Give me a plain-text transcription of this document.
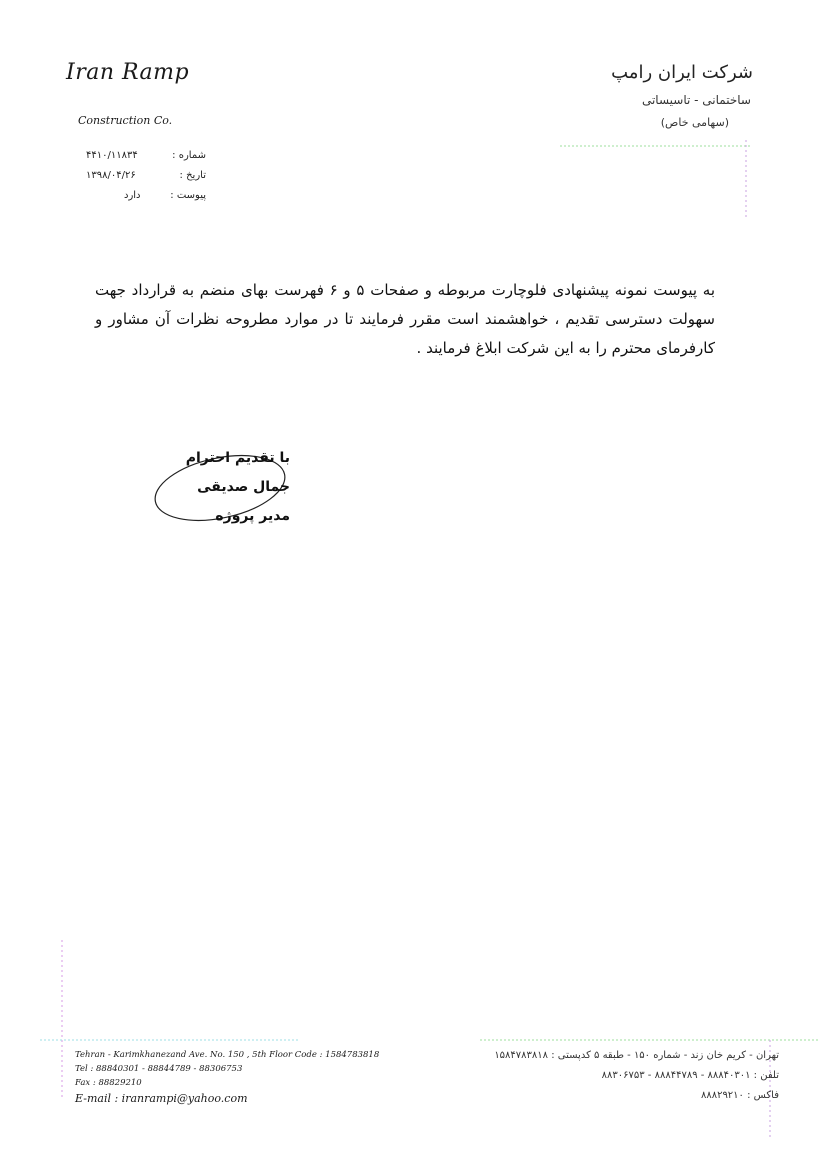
Iran Ramp
Construction Co.
شرکت ایران رامپ
ساختمانی - تاسیساتی
(سهامی خاص)
۴۴۱۰/۱۱۸۳۴	شماره :
۱۳۹۸/۰۴/۲۶	تاریخ :
دارد	پیوست :
به پیوست نمونه پیشنهادی فلوچارت مربوطه و صفحات ۵ و ۶ فهرست بهای منضم به قرارداد جهت سهولت دسترسی تقدیم ، خواهشمند است مقرر فرمایند تا در موارد مطروحه نظرات آن مشاور و کارفرمای محترم را به این شرکت ابلاغ فرمایند .
با تقدیم احترام
جمال صدیقی
مدیر پروژه
Tehran - Karimkhanezand Ave. No. 150 , 5th Floor Code : 1584783818
Tel : 88840301 - 88844789 - 88306753
Fax : 88829210
E-mail : iranrampi@yahoo.com
تهران - کریم خان زند - شماره ۱۵۰ - طبقه ۵ کدپستی : ۱۵۸۴۷۸۳۸۱۸
تلفن : ۸۸۸۴۰۳۰۱ - ۸۸۸۴۴۷۸۹ - ۸۸۳۰۶۷۵۳
فاکس : ۸۸۸۲۹۲۱۰
